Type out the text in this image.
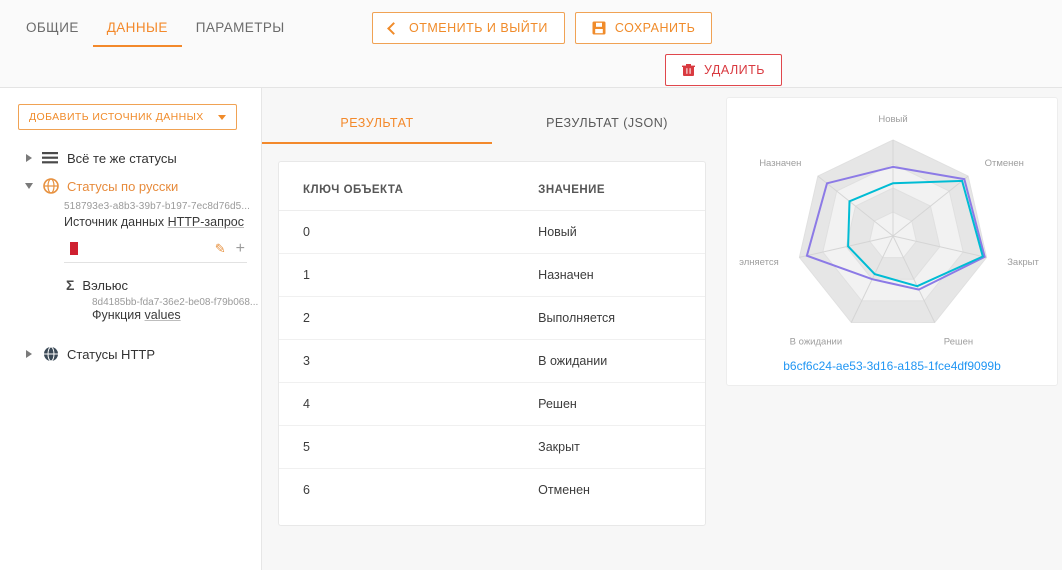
ОБЩИЕ	ДАННЫЕ	ПАРАМЕТРЫ	ОТМЕНИТЬ И ВЫЙТИ	СОХРАНИТЬ
УДАЛИТЬ
ДОБАВИТЬ ИСТОЧНИК ДАННЫХ
Всё те же статусы
Статусы по русски
518793e3-a8b3-39b7-b197-7ec8d76d5...
Источник данных HTTP-запрос
✎ +
Σ Вэльюс
8d4185bb-fda7-36e2-be08-f79b068...
Функция values
Статусы HTTP
РЕЗУЛЬТАТ	РЕЗУЛЬТАТ (JSON)
КЛЮЧ ОБЪЕКТА	ЗНАЧЕНИЕ
0	Новый
1	Назначен
2	Выполняется
3	В ожидании
4	Решен
5	Закрыт
6	Отменен
Новый
Отменен
Закрыт
Решен
В ожидании
элняется
Назначен
b6cf6c24-ae53-3d16-a185-1fce4df9099b
